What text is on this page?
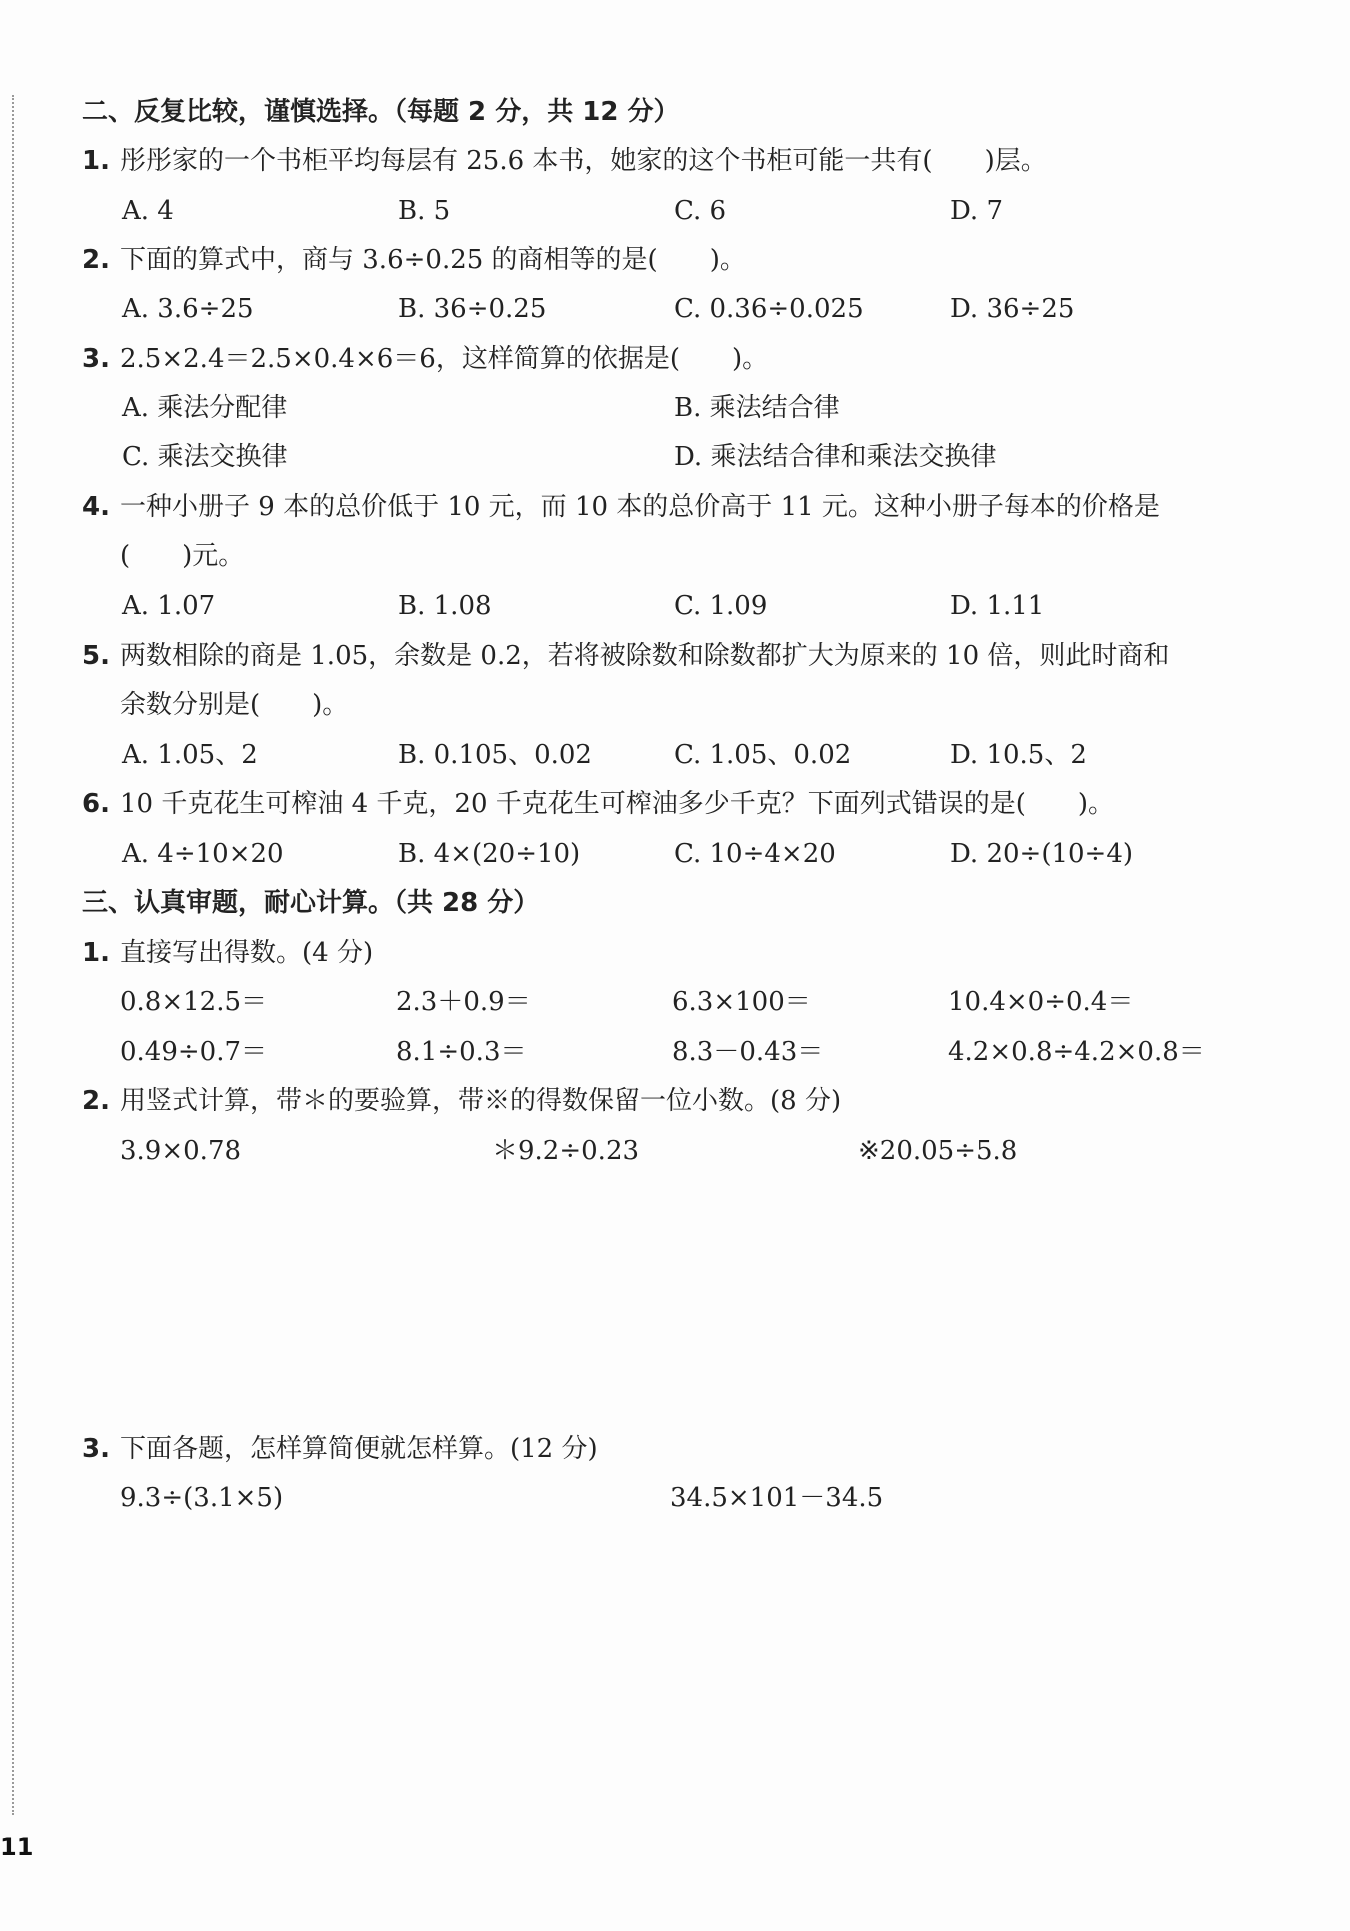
二、反复比较，谨慎选择。（每题 2 分，共 12 分）
1. 彤彤家的一个书柜平均每层有 25.6 本书，她家的这个书柜可能一共有(　　)层。
A. 4	B. 5	C. 6	D. 7
2. 下面的算式中，商与 3.6÷0.25 的商相等的是(　　)。
A. 3.6÷25	B. 36÷0.25	C. 0.36÷0.025	D. 36÷25
3. 2.5×2.4＝2.5×0.4×6＝6，这样简算的依据是(　　)。
A. 乘法分配律	B. 乘法结合律
C. 乘法交换律	D. 乘法结合律和乘法交换律
4. 一种小册子 9 本的总价低于 10 元，而 10 本的总价高于 11 元。这种小册子每本的价格是
(　　)元。
A. 1.07	B. 1.08	C. 1.09	D. 1.11
5. 两数相除的商是 1.05，余数是 0.2，若将被除数和除数都扩大为原来的 10 倍，则此时商和
余数分别是(　　)。
A. 1.05、2	B. 0.105、0.02	C. 1.05、0.02	D. 10.5、2
6. 10 千克花生可榨油 4 千克，20 千克花生可榨油多少千克？下面列式错误的是(　　)。
A. 4÷10×20	B. 4×(20÷10)	C. 10÷4×20	D. 20÷(10÷4)
三、认真审题，耐心计算。（共 28 分）
1. 直接写出得数。(4 分)
0.8×12.5＝	2.3＋0.9＝	6.3×100＝	10.4×0÷0.4＝
0.49÷0.7＝	8.1÷0.3＝	8.3－0.43＝	4.2×0.8÷4.2×0.8＝
2. 用竖式计算，带＊的要验算，带※的得数保留一位小数。(8 分)
3.9×0.78	＊9.2÷0.23	※20.05÷5.8
3. 下面各题，怎样算简便就怎样算。(12 分)
9.3÷(3.1×5)	34.5×101－34.5
11
